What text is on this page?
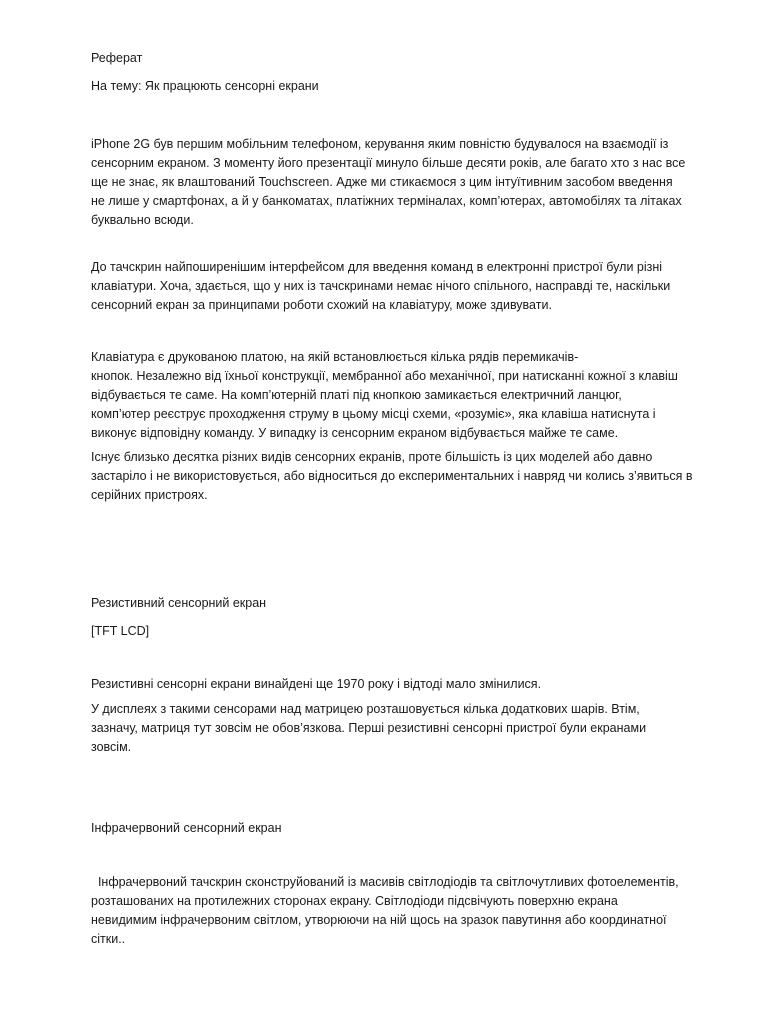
Реферат

На тему: Як працюють сенсорні екрани

iPhone 2G був першим мобільним телефоном, керування яким повністю будувалося на взаємодії із

сенсорним екраном. З моменту його презентації минуло більше десяти років, але багато хто з нас все

ще не знає, як влаштований Touchscreen. Адже ми стикаємося з цим інтуїтивним засобом введення

не лише у смартфонах, а й у банкоматах, платіжних терміналах, комп’ютерах, автомобілях та літаках

буквально всюди.

До тачскрин найпоширенішим інтерфейсом для введення команд в електронні пристрої були різні

клавіатури. Хоча, здається, що у них із тачскринами немає нічого спільного, насправді те, наскільки

сенсорний екран за принципами роботи схожий на клавіатуру, може здивувати.

Клавіатура є друкованою платою, на якій встановлюється кілька рядів перемикачів-

кнопок. Незалежно від їхньої конструкції, мембранної або механічної, при натисканні кожної з клавіш

відбувається те саме. На комп’ютерній платі під кнопкою замикається електричний ланцюг,

комп’ютер реєструє проходження струму в цьому місці схеми, «розуміє», яка клавіша натиснута і

виконує відповідну команду. У випадку із сенсорним екраном відбувається майже те саме.

Існує близько десятка різних видів сенсорних екранів, проте більшість із цих моделей або давно

застаріло і не використовується, або відноситься до експериментальних і навряд чи колись з’явиться в

серійних пристроях.

Резистивний сенсорний екран

[TFT LCD]

Резистивні сенсорні екрани винайдені ще 1970 року і відтоді мало змінилися.

У дисплеях з такими сенсорами над матрицею розташовується кілька додаткових шарів. Втім,

зазначу, матриця тут зовсім не обов’язкова. Перші резистивні сенсорні пристрої були екранами

зовсім.

Інфрачервоний сенсорний екран

Інфрачервоний тачскрин сконструйований із масивів світлодіодів та світлочутливих фотоелементів,

розташованих на протилежних сторонах екрану. Світлодіоди підсвічують поверхню екрана

невидимим інфрачервоним світлом, утворюючи на ній щось на зразок павутиння або координатної

сітки..
